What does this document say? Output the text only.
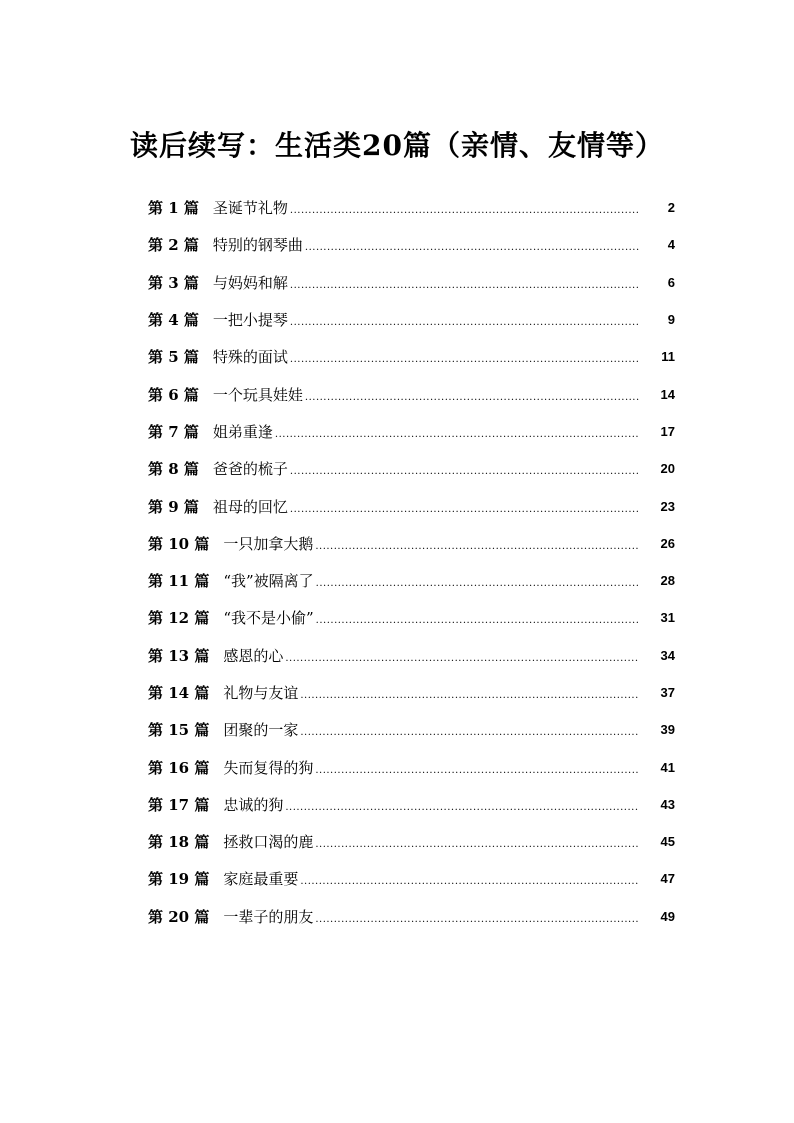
读后续写：生活类20篇（亲情、友情等）
第 1 篇 圣诞节礼物 .....	2
第 2 篇 特别的钢琴曲 .....	4
第 3 篇 与妈妈和解 .....	6
第 4 篇 一把小提琴 .....	9
第 5 篇 特殊的面试 .....	11
第 6 篇 一个玩具娃娃 .....	14
第 7 篇 姐弟重逢 .....	17
第 8 篇 爸爸的梳子 .....	20
第 9 篇 祖母的回忆 .....	23
第 10 篇 一只加拿大鹅 .....	26
第 11 篇 “我”被隔离了 .....	28
第 12 篇 “我不是小偷” .....	31
第 13 篇 感恩的心 .....	34
第 14 篇 礼物与友谊 .....	37
第 15 篇 团聚的一家 .....	39
第 16 篇 失而复得的狗 .....	41
第 17 篇 忠诚的狗 .....	43
第 18 篇 拯救口渴的鹿 .....	45
第 19 篇 家庭最重要 .....	47
第 20 篇 一辈子的朋友 .....	49
